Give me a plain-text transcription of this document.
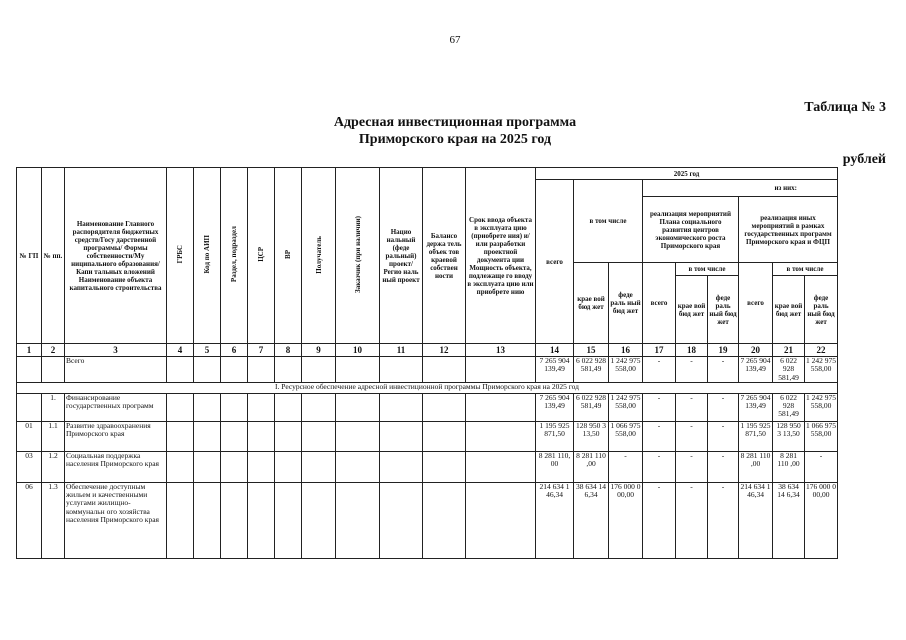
67
Таблица № 3
Адресная инвестиционная программа
Приморского края на 2025 год
рублей
№ ГП	№ пп.	Наименование Главного распорядителя бюджетных средств/Госу дарственной программы/ Формы собственности/Му ниципального образования/Капи тальных вложений Наименование объекта капитального строительства	ГРБС	Код по АИП	Раздел, подраздел	ЦСР	ВР	Получатель	Заказчик (при наличии)	Нацио нальный (феде ральный) проект/ Регио наль ный проект	Балансо держа тель объек тов краевой собствен ности	Срок ввода объекта в эксплуата цию (приобрете ния) и/или разработки проектной документа ции Мощность объекта, подлежаще го вводу в эксплуата цию или приобрете нию	2025 год								
													всего	в том числе		из них:					
																реализация мероприятий Плана социального развития центров экономического роста Приморского края			реализация иных мероприятий в рамках государственных программ Приморского края и ФЦП		
														крае вой бюд жет	феде раль ный бюд жет	всего	в том числе		всего	в том числе	
																	крае вой бюд жет	феде раль ный бюд жет		крае вой бюд жет	феде раль ный бюд жет
1	2	3	4	5	6	7	8	9	10	11	12	13	14	15	16	17	18	19	20	21	22
		Всего											7 265 904 139,49	6 022 928 581,49	1 242 975 558,00	-	-	-	7 265 904 139,49	6 022 928 581,49	1 242 975 558,00
I. Ресурсное обеспечение адресной инвестиционной программы Приморского края на 2025 год																					
	1.	Финансирование государственных программ											7 265 904 139,49	6 022 928 581,49	1 242 975 558,00	-	-	-	7 265 904 139,49	6 022 928 581,49	1 242 975 558,00
01	1.1	Развитие здравоохранения Приморского края											1 195 925 871,50	128 950 3 13,50	1 066 975 558,00	-	-	-	1 195 925 871,50	128 950 3 13,50	1 066 975 558,00
03	1.2	Социальная поддержка населения Приморского края											8 281 110, 00	8 281 110 ,00	-	-	-	-	8 281 110 ,00	8 281 110 ,00	-
06	1.3	Обеспечение доступным жильем и качественными услугами жилищно-коммунальн ого хозяйства населения Приморского края											214 634 1 46,34	38 634 14 6,34	176 000 0 00,00	-	-	-	214 634 1 46,34	38 634 14 6,34	176 000 0 00,00
